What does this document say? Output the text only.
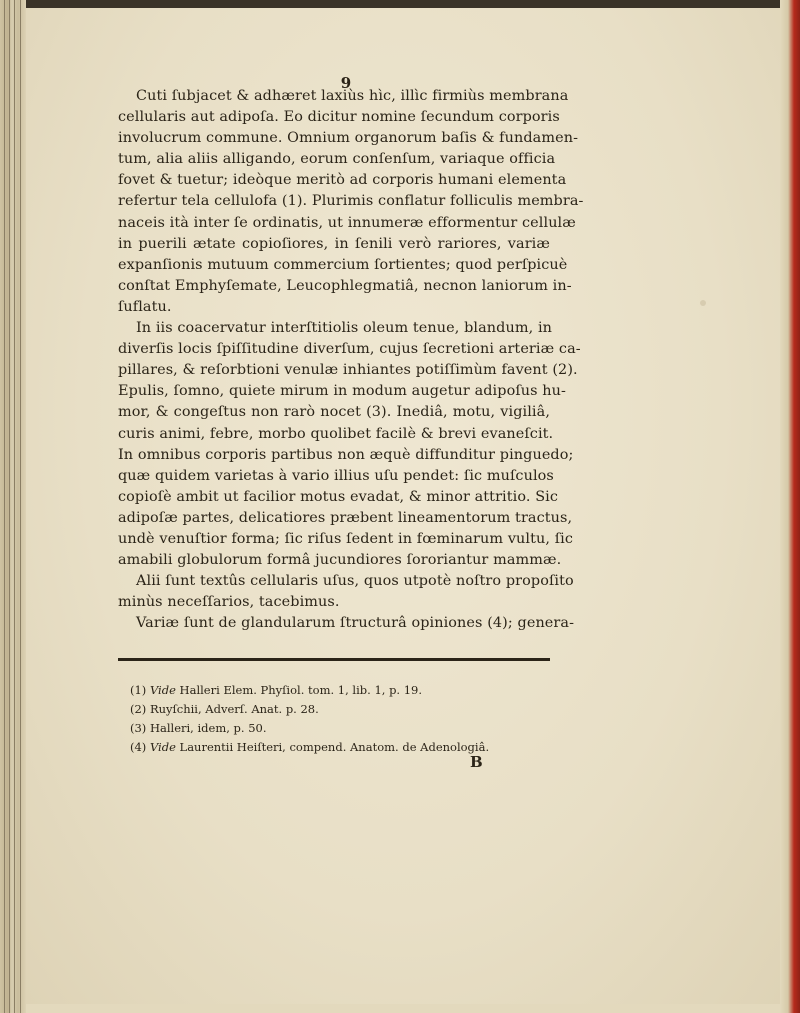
9
Cuti ſubjacet & adhæret laxiùs hìc, illìc firmiùs membrana
cellularis aut adipoſa. Eo dicitur nomine ſecundum corporis
involucrum commune. Omnium organorum baſis & fundamen-
tum, alia aliis alligando, eorum conſenſum, variaque officia
fovet & tuetur; ideòque meritò ad corporis humani elementa
refertur tela cellulofa (1). Plurimis conflatur folliculis membra-
naceis ità inter ſe ordinatis, ut innumeræ efformentur cellulæ
in puerili ætate copioſiores, in ſenili verò rariores, variæ
expanſionis mutuum commercium ſortientes; quod perſpicuè
conſtat Emphyſemate, Leucophlegmatiâ, necnon laniorum in-
ſuflatu.
In iis coacervatur interſtitiolis oleum tenue, blandum, in
diverſis locis ſpiſſitudine diverſum, cujus ſecretioni arteriæ ca-
pillares, & reſorbtioni venulæ inhiantes potiſſimùm favent (2).
Epulis, ſomno, quiete mirum in modum augetur adipoſus hu-
mor, & congeſtus non rarò nocet (3). Inediâ, motu, vigiliâ,
curis animi, febre, morbo quolibet facilè & brevi evaneſcit.
In omnibus corporis partibus non æquè diffunditur pinguedo;
quæ quidem varietas à vario illius uſu pendet: ſic muſculos
copioſè ambit ut facilior motus evadat, & minor attritio. Sic
adipoſæ partes, delicatiores præbent lineamentorum tractus,
undè venuſtior forma; ſic riſus ſedent in fœminarum vultu, ſic
amabili globulorum formâ jucundiores ſororiantur mammæ.
Alii ſunt textûs cellularis uſus, quos utpotè noſtro propoſito
minùs neceſſarios, tacebimus.
Variæ ſunt de glandularum ſtructurâ opiniones (4); genera-
(1) Vide Halleri Elem. Phyſiol. tom. 1, lib. 1, p. 19.
(2) Ruyſchii, Adverſ. Anat. p. 28.
(3) Halleri, idem, p. 50.
(4) Vide Laurentii Heiſteri, compend. Anatom. de Adenologiâ.
B
